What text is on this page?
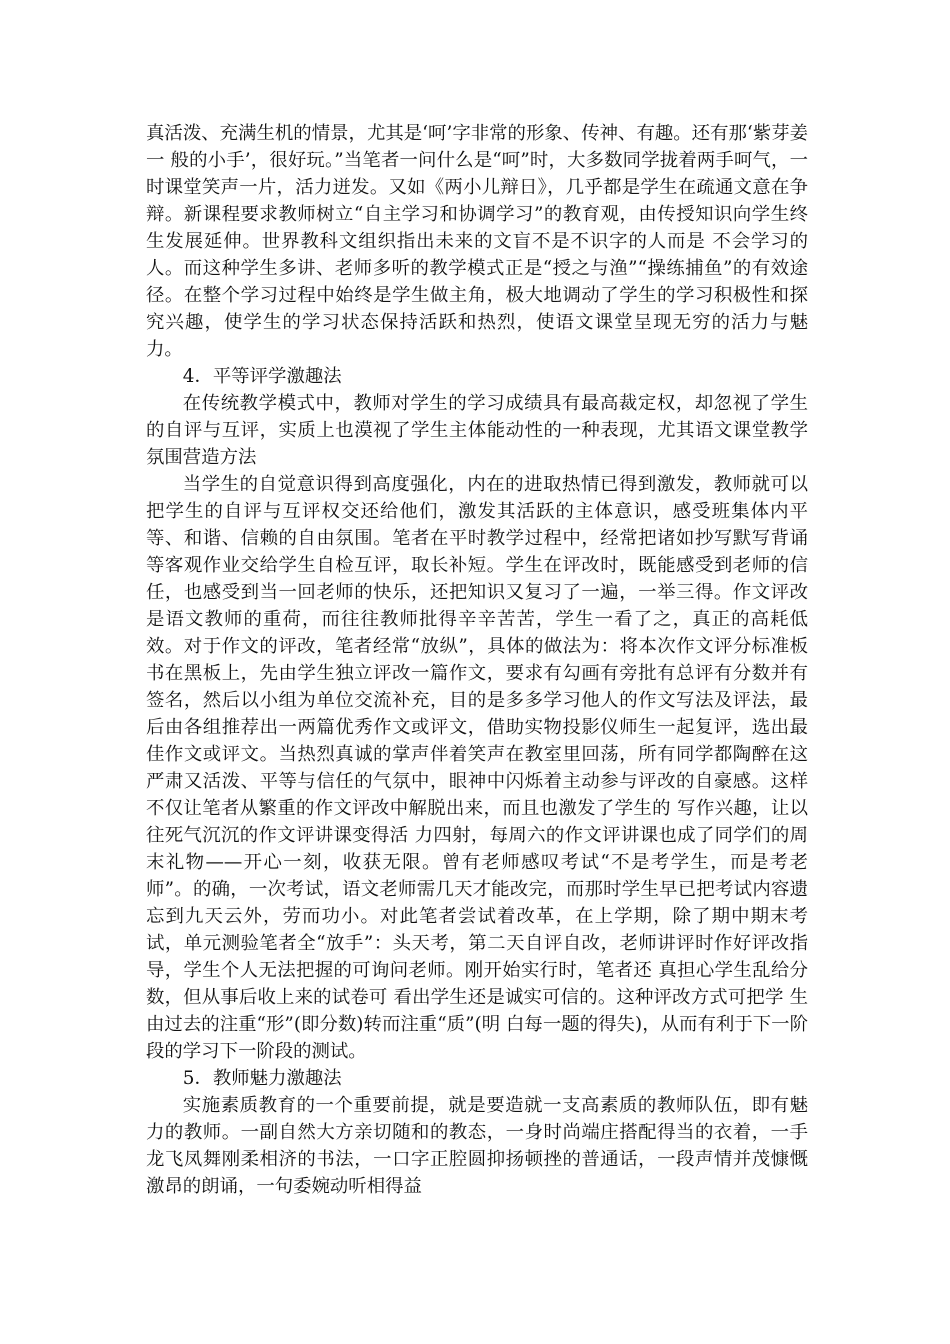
真活泼、充满生机的情景，尤其是‘呵’字非常的形象、传神、有趣。还有那‘紫芽姜一 般的小手’，很好玩。”当笔者一问什么是“呵”时，大多数同学拢着两手呵气，一时课堂笑声一片，活力迸发。又如《两小儿辩日》，几乎都是学生在疏通文意在争辩。新课程要求教师树立“自主学习和协调学习”的教育观，由传授知识向学生终生发展延伸。世界教科文组织指出未来的文盲不是不识字的人而是 不会学习的人。而这种学生多讲、老师多听的教学模式正是“授之与渔”“操练捕鱼”的有效途径。在整个学习过程中始终是学生做主角，极大地调动了学生的学习积极性和探究兴趣，使学生的学习状态保持活跃和热烈，使语文课堂呈现无穷的活力与魅力。

4．平等评学激趣法

在传统教学模式中，教师对学生的学习成绩具有最高裁定权，却忽视了学生的自评与互评，实质上也漠视了学生主体能动性的一种表现，尤其语文课堂教学氛围营造方法

当学生的自觉意识得到高度强化，内在的进取热情已得到激发，教师就可以把学生的自评与互评权交还给他们，激发其活跃的主体意识，感受班集体内平等、和谐、信赖的自由氛围。笔者在平时教学过程中，经常把诸如抄写默写背诵等客观作业交给学生自检互评，取长补短。学生在评改时，既能感受到老师的信任，也感受到当一回老师的快乐，还把知识又复习了一遍，一举三得。作文评改是语文教师的重荷，而往往教师批得辛辛苦苦，学生一看了之，真正的高耗低效。对于作文的评改，笔者经常“放纵”，具体的做法为：将本次作文评分标准板书在黑板上，先由学生独立评改一篇作文，要求有勾画有旁批有总评有分数并有签名，然后以小组为单位交流补充，目的是多多学习他人的作文写法及评法，最后由各组推荐出一两篇优秀作文或评文，借助实物投影仪师生一起复评，选出最佳作文或评文。当热烈真诚的掌声伴着笑声在教室里回荡，所有同学都陶醉在这严肃又活泼、平等与信任的气氛中，眼神中闪烁着主动参与评改的自豪感。这样不仅让笔者从繁重的作文评改中解脱出来，而且也激发了学生的 写作兴趣，让以往死气沉沉的作文评讲课变得活 力四射，每周六的作文评讲课也成了同学们的周末礼物——开心一刻，收获无限。曾有老师感叹考试“不是考学生，而是考老师”。的确，一次考试，语文老师需几天才能改完，而那时学生早已把考试内容遗忘到九天云外，劳而功小。对此笔者尝试着改革，在上学期，除了期中期末考试，单元测验笔者全“放手”：头天考，第二天自评自改，老师讲评时作好评改指导，学生个人无法把握的可询问老师。刚开始实行时，笔者还 真担心学生乱给分数，但从事后收上来的试卷可 看出学生还是诚实可信的。这种评改方式可把学 生由过去的注重“形”(即分数)转而注重“质”(明 白每一题的得失)，从而有利于下一阶段的学习下一阶段的测试。

5．教师魅力激趣法

实施素质教育的一个重要前提，就是要造就一支高素质的教师队伍，即有魅力的教师。一副自然大方亲切随和的教态，一身时尚端庄搭配得当的衣着，一手龙飞凤舞刚柔相济的书法，一口字正腔圆抑扬顿挫的普通话，一段声情并茂慷慨激昂的朗诵，一句委婉动听相得益
